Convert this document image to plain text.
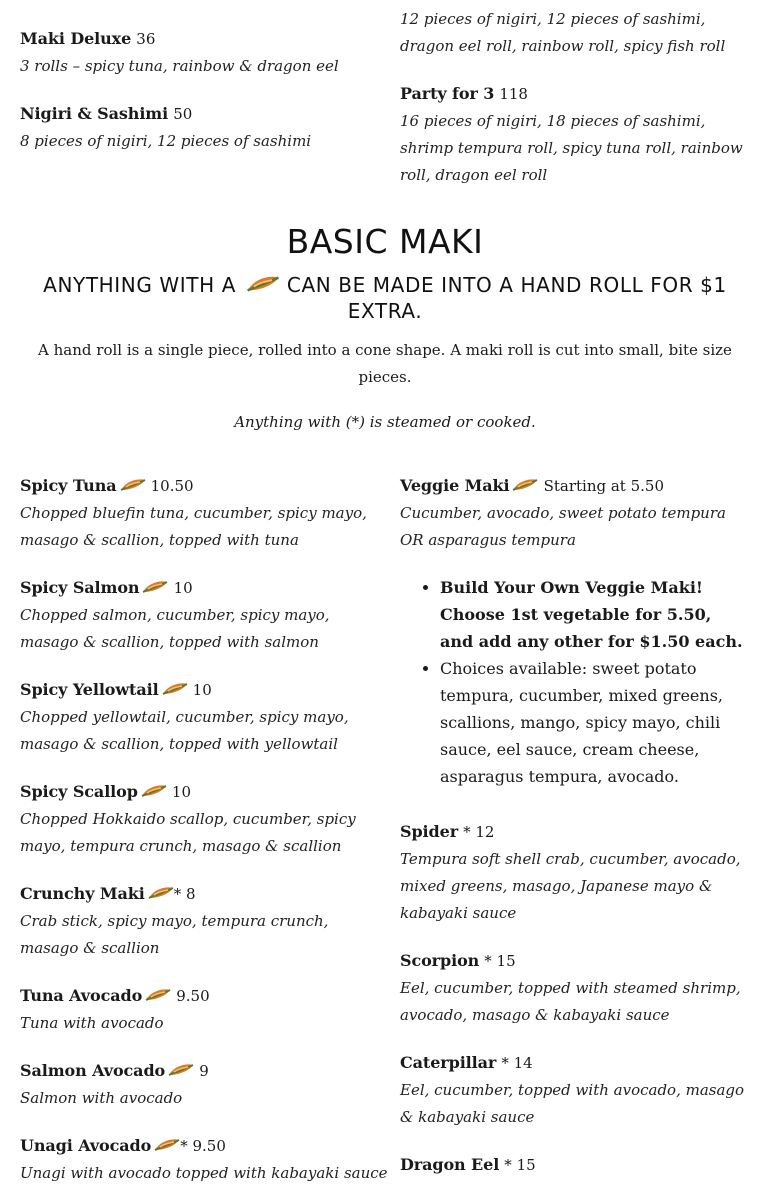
Maki Deluxe 36
3 rolls – spicy tuna, rainbow & dragon eel
Nigiri & Sashimi 50
8 pieces of nigiri, 12 pieces of sashimi
12 pieces of nigiri, 12 pieces of sashimi, dragon eel roll, rainbow roll, spicy fish roll
Party for 3 118
16 pieces of nigiri, 18 pieces of sashimi, shrimp tempura roll, spicy tuna roll, rainbow roll, dragon eel roll
BASIC MAKI
ANYTHING WITH A	CAN BE MADE INTO A HAND ROLL FOR $1 EXTRA.
A hand roll is a single piece, rolled into a cone shape. A maki roll is cut into small, bite size pieces.
Anything with (*) is steamed or cooked.
Spicy Tuna 10.50
Chopped bluefin tuna, cucumber, spicy mayo, masago & scallion, topped with tuna
Spicy Salmon 10
Chopped salmon, cucumber, spicy mayo, masago & scallion, topped with salmon
Spicy Yellowtail 10
Chopped yellowtail, cucumber, spicy mayo, masago & scallion, topped with yellowtail
Spicy Scallop 10
Chopped Hokkaido scallop, cucumber, spicy mayo, tempura crunch, masago & scallion
Crunchy Maki * 8
Crab stick, spicy mayo, tempura crunch, masago & scallion
Tuna Avocado 9.50
Tuna with avocado
Salmon Avocado 9
Salmon with avocado
Unagi Avocado * 9.50
Unagi with avocado topped with kabayaki sauce
Veggie Maki Starting at 5.50
Cucumber, avocado, sweet potato tempura OR asparagus tempura
• Build Your Own Veggie Maki! Choose 1st vegetable for 5.50, and add any other for $1.50 each.
• Choices available: sweet potato tempura, cucumber, mixed greens, scallions, mango, spicy mayo, chili sauce, eel sauce, cream cheese, asparagus tempura, avocado.
Spider * 12
Tempura soft shell crab, cucumber, avocado, mixed greens, masago, Japanese mayo & kabayaki sauce
Scorpion * 15
Eel, cucumber, topped with steamed shrimp, avocado, masago & kabayaki sauce
Caterpillar * 14
Eel, cucumber, topped with avocado, masago & kabayaki sauce
Dragon Eel * 15
